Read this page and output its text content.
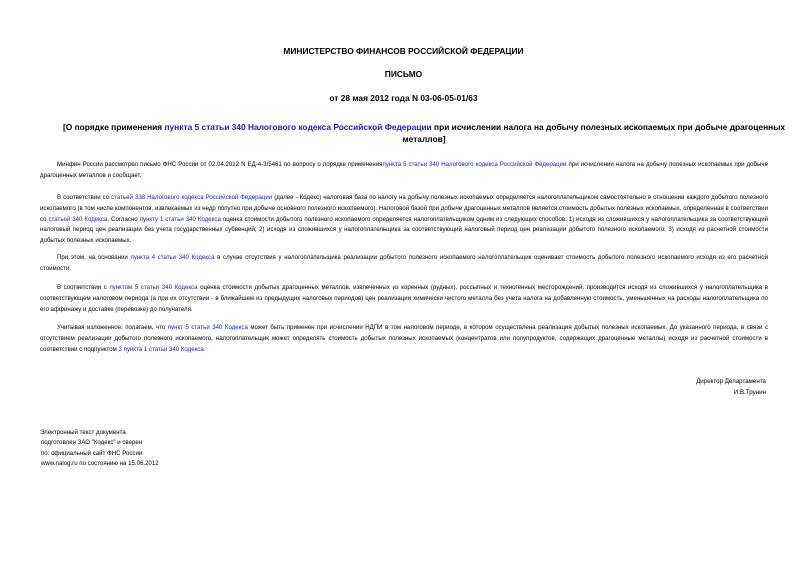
МИНИСТЕРСТВО ФИНАНСОВ РОССИЙСКОЙ ФЕДЕРАЦИИ
ПИСЬМО
от 28 мая 2012 года N 03-06-05-01/63
[О порядке применения пункта 5 статьи 340 Налогового кодекса Российской Федерации при исчислении налога на добычу полезных ископаемых при добыче драгоценных металлов]

Минфин России рассмотрел письмо ФНС России от 02.04.2012 N ЕД-4-3/5461 по вопросу о порядке примененияпункта 5 статьи 340 Налогового кодекса Российской Федерации при исчислении налога на добычу полезных ископаемых при добыче драгоценных металлов и сообщает.

В соответствии со статьей 338 Налогового кодекса Российской Федерации (далее - Кодекс) налоговая база по налогу на добычу полезных ископаемых определяется налогоплательщиком самостоятельно в отношении каждого добытого полезного ископаемого (в том числе компонентов, извлекаемых из недр попутно при добыче основного полезного ископаемого). Налоговой базой при добыче драгоценных металлов является стоимость добытых полезных ископаемых, определенная в соответствии со статьей 340 Кодекса. Согласно пункту 1 статьи 340 Кодекса оценка стоимости добытого полезного ископаемого определяется налогоплательщиком одним из следующих способов: 1) исходя из сложившихся у налогоплательщика за соответствующий налоговый период цен реализации без учета государственных субвенций; 2) исходя из сложившихся у налогоплательщика за соответствующий налоговый период цен реализации добытого полезного ископаемого; 3) исходя из расчетной стоимости добытых полезных ископаемых.

При этом, на основании пункта 4 статьи 340 Кодекса в случае отсутствия у налогоплательщика реализации добытого полезного ископаемого налогоплательщик оценивает стоимость добытого полезного ископаемого исходя из его расчетной стоимости.

В соответствии с пунктом 5 статьи 340 Кодекса оценка стоимости добытых драгоценных металлов, извлеченных из коренных (рудных), россыпных и техногенных месторождений, производится исходя из сложившихся у налогоплательщика в соответствующем налоговом периода (а при их отсутствии - в ближайшем из предыдущих налоговых периодов) цен реализации химически чистого металла без учета налога на добавленную стоимость, уменьшенных на расходы налогоплательщика по его аффинажу и доставке (перевозке) до получателя.

Учитывая изложенное, полагаем, что пункт 5 статьи 340 Кодекса может быть применен при исчислении НДПИ в том налоговом периоде, в котором осуществлена реализация добытых полезных ископаемых. До указанного периода, в связи с отсутствием реализации добытого полезного ископаемого, налогоплательщик может определять стоимость добытых полезных ископаемых (концентратов или полупродуктов, содержащих драгоценные металлы) исходя из расчетной стоимости в соответствии с подпунктом 3 пункта 1 статьи 340 Кодекса.

Директор Департамента
И.В.Трунин
Электронный текст документа
подготовлен ЗАО "Кодекс" и сверен
по: официальный сайт ФНС России
www.nalog.ru по состоянию на 15.06.2012
